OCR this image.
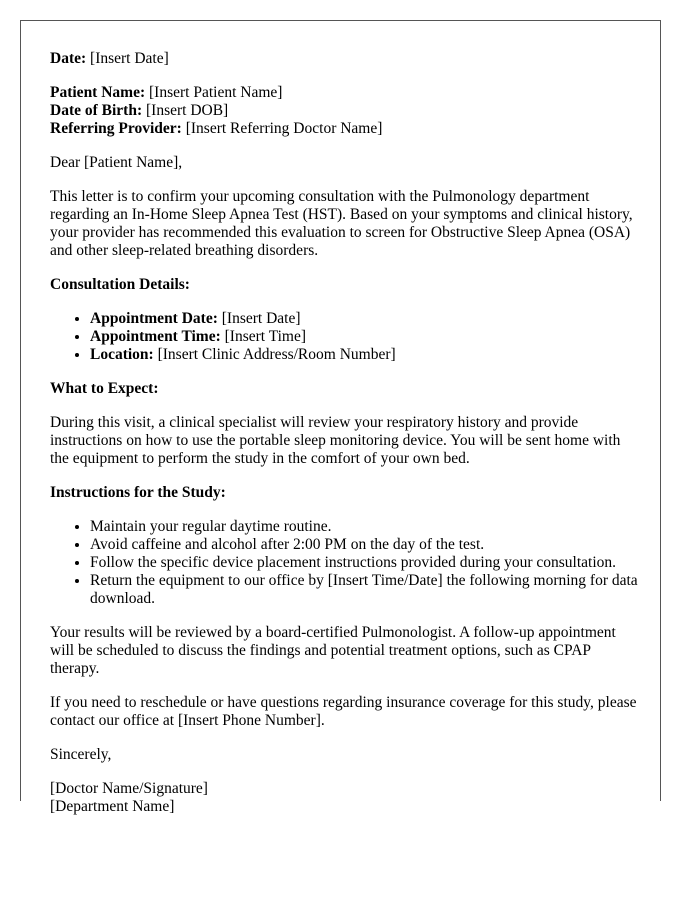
Date: [Insert Date]

Patient Name: [Insert Patient Name]
Date of Birth: [Insert DOB]
Referring Provider: [Insert Referring Doctor Name]

Dear [Patient Name],

This letter is to confirm your upcoming consultation with the Pulmonology department regarding an In-Home Sleep Apnea Test (HST). Based on your symptoms and clinical history, your provider has recommended this evaluation to screen for Obstructive Sleep Apnea (OSA) and other sleep-related breathing disorders.

Consultation Details:

• Appointment Date: [Insert Date]
• Appointment Time: [Insert Time]
• Location: [Insert Clinic Address/Room Number]

What to Expect:

During this visit, a clinical specialist will review your respiratory history and provide instructions on how to use the portable sleep monitoring device. You will be sent home with the equipment to perform the study in the comfort of your own bed.

Instructions for the Study:

• Maintain your regular daytime routine.
• Avoid caffeine and alcohol after 2:00 PM on the day of the test.
• Follow the specific device placement instructions provided during your consultation.
• Return the equipment to our office by [Insert Time/Date] the following morning for data download.

Your results will be reviewed by a board-certified Pulmonologist. A follow-up appointment will be scheduled to discuss the findings and potential treatment options, such as CPAP therapy.

If you need to reschedule or have questions regarding insurance coverage for this study, please contact our office at [Insert Phone Number].

Sincerely,

[Doctor Name/Signature]
[Department Name]
